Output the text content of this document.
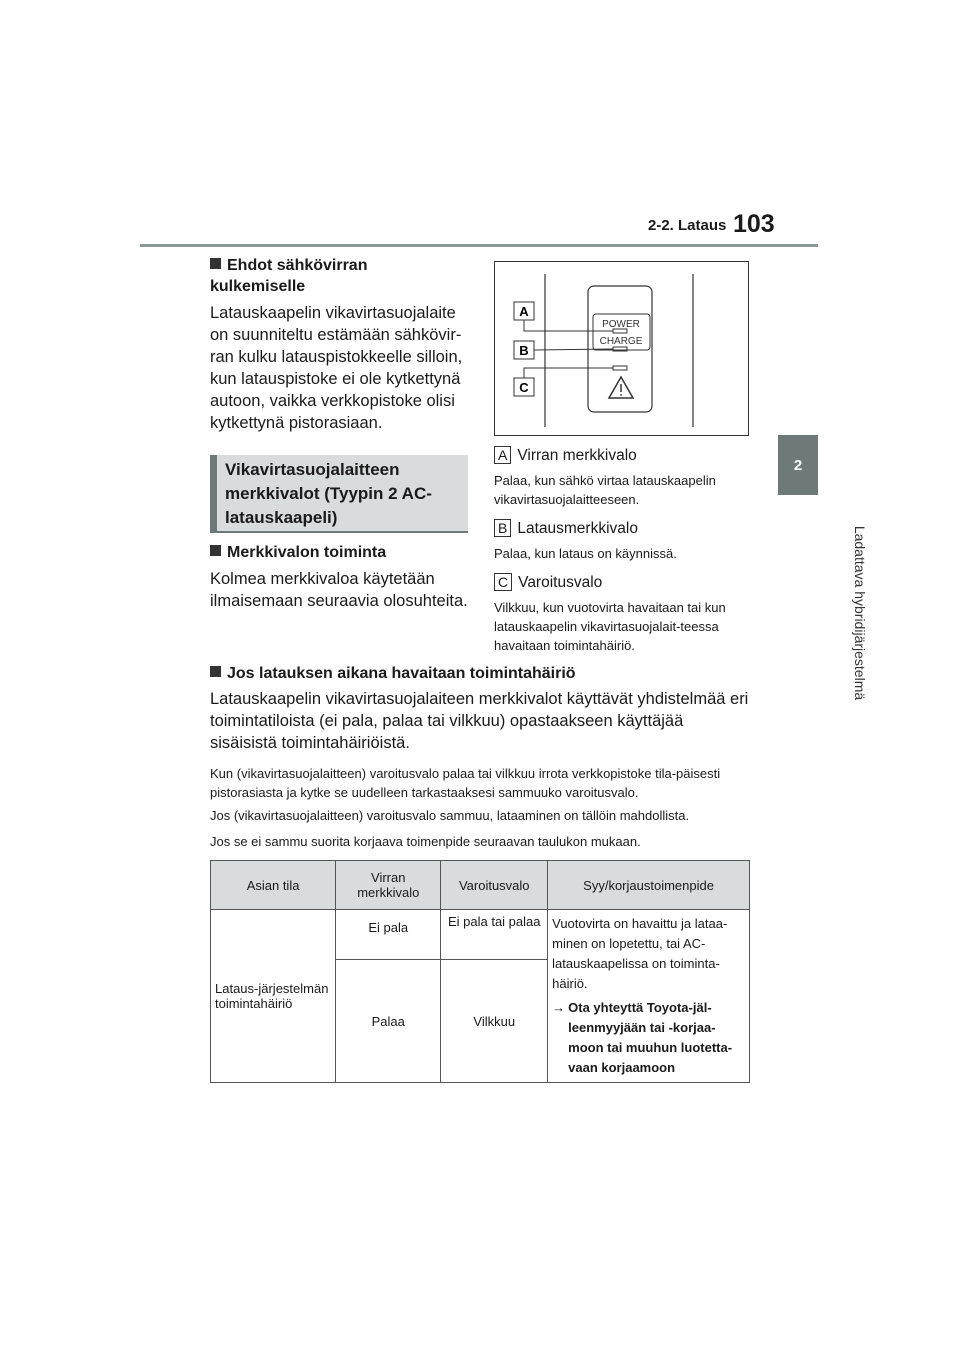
2-2. Lataus 103
2
Ladattava hybridijärjestelmä
Ehdot sähkövirran kulkemiselle
Latauskaapelin vikavirtasuojalaite on suunniteltu estämään sähkövir-ran kulku latauspistokkeelle silloin, kun latauspistoke ei ole kytkettynä autoon, vaikka verkkopistoke olisi kytkettynä pistorasiaan.
Vikavirtasuojalaitteen merkkivalot (Tyypin 2 AC-latauskaapeli)
Merkkivalon toiminta
Kolmea merkkivaloa käytetään ilmaisemaan seuraavia olosuhteita.
POWER
CHARGE
A
B
C
A Virran merkkivalo
Palaa, kun sähkö virtaa latauskaapelin vikavirtasuojalaitteeseen.
B Latausmerkkivalo
Palaa, kun lataus on käynnissä.
C Varoitusvalo
Vilkkuu, kun vuotovirta havaitaan tai kun latauskaapelin vikavirtasuojalait-teessa havaitaan toimintahäiriö.
Jos latauksen aikana havaitaan toimintahäiriö
Latauskaapelin vikavirtasuojalaiteen merkkivalot käyttävät yhdistelmää eri toimintatiloista (ei pala, palaa tai vilkkuu) opastaakseen käyttäjää sisäisistä toimintahäiriöistä.
Kun (vikavirtasuojalaitteen) varoitusvalo palaa tai vilkkuu irrota verkkopistoke tila-päisesti pistorasiasta ja kytke se uudelleen tarkastaaksesi sammuuko varoitusvalo.
Jos (vikavirtasuojalaitteen) varoitusvalo sammuu, lataaminen on tällöin mahdollista.
Jos se ei sammu suorita korjaava toimenpide seuraavan taulukon mukaan.
Asian tila	Virran merkkivalo	Varoitusvalo	Syy/korjaustoimenpide
Lataus-järjestelmän toimintahäiriö	Ei pala	Ei pala tai palaa	Vuotovirta on havaittu ja lataa-minen on lopetettu, tai AC-latauskaapelissa on toiminta-häiriö.
→ Ota yhteyttä Toyota-jäl-leenmyyjään tai -korjaa-moon tai muuhun luotetta-vaan korjaamoon

	Palaa	Vilkkuu	
